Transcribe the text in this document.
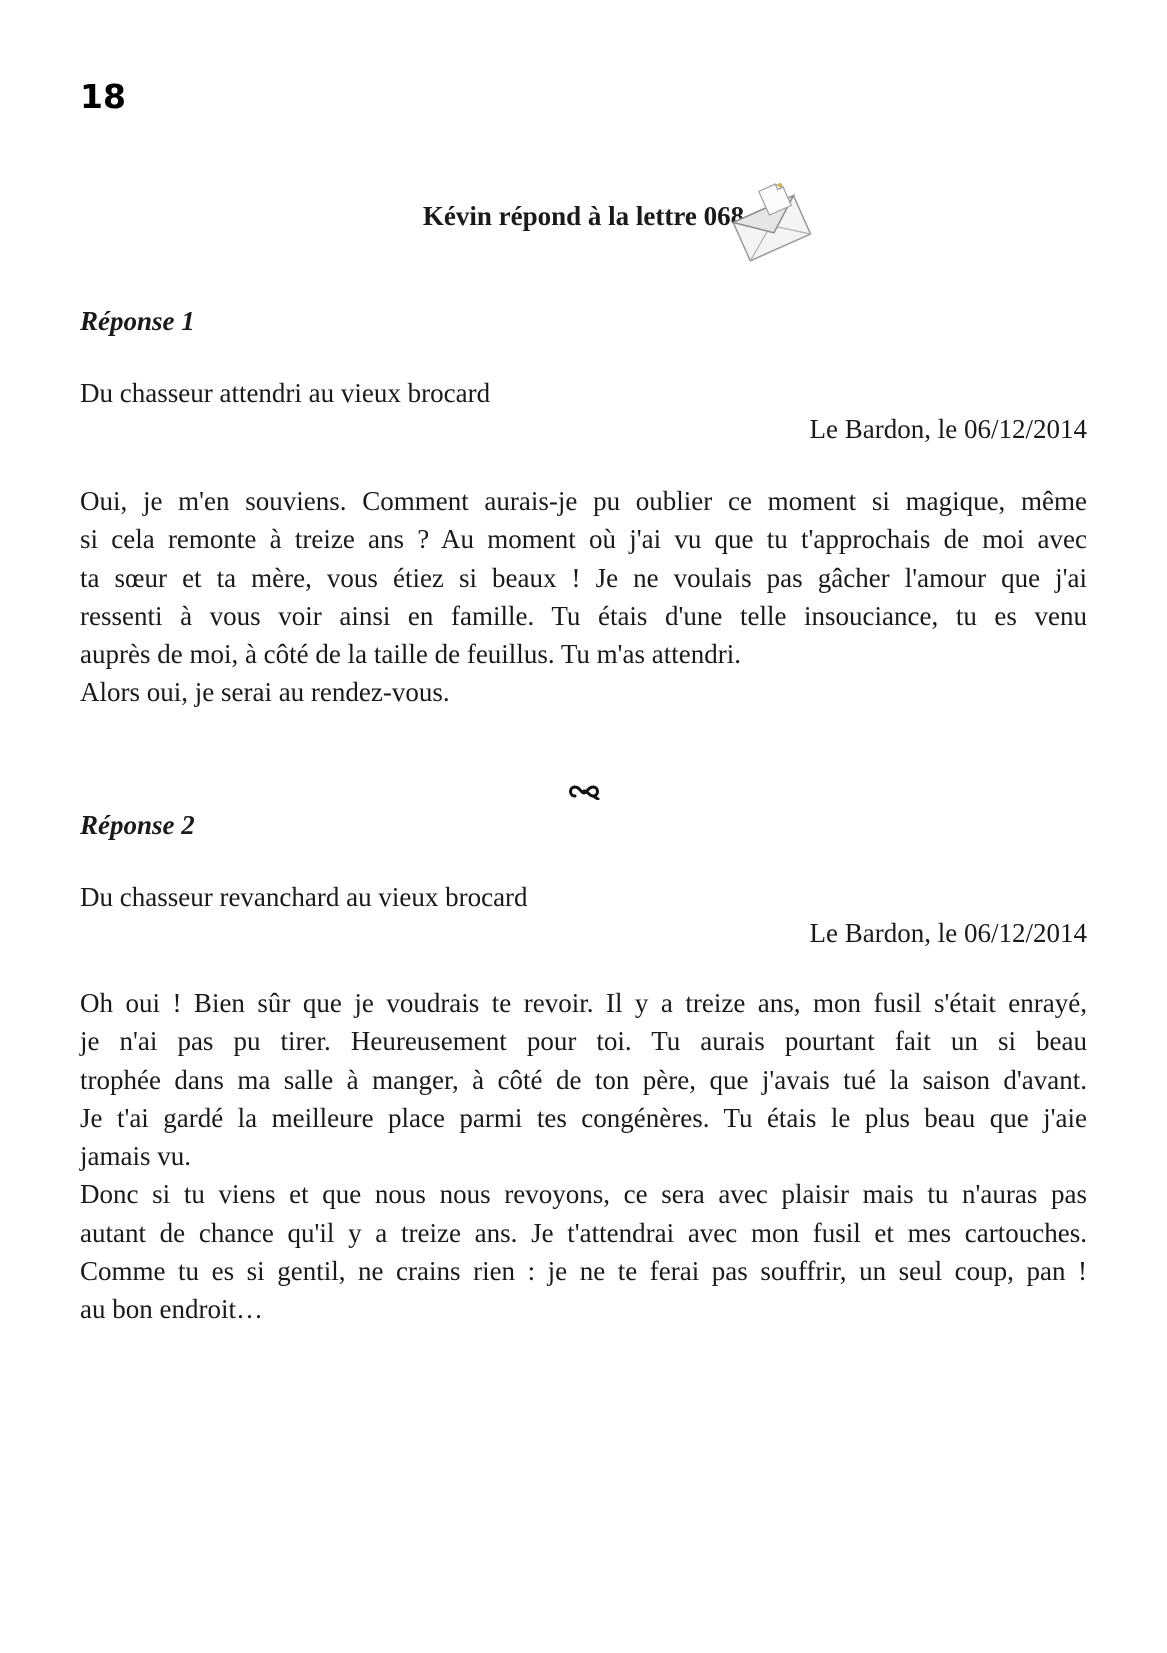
18
Kévin répond à la lettre 068
Réponse 1
Du chasseur attendri au vieux brocard
Le Bardon, le 06/12/2014
Oui, je m'en souviens. Comment aurais-je pu oublier ce moment si magique, même
si cela remonte à treize ans ? Au moment où j'ai vu que tu t'approchais de moi avec
ta sœur et ta mère, vous étiez si beaux ! Je ne voulais pas gâcher l'amour que j'ai
ressenti à vous voir ainsi en famille. Tu étais d'une telle insouciance, tu es venu
auprès de moi, à côté de la taille de feuillus. Tu m'as attendri.
Alors oui, je serai au rendez-vous.
Réponse 2
Du chasseur revanchard au vieux brocard
Le Bardon, le 06/12/2014
Oh oui ! Bien sûr que je voudrais te revoir. Il y a treize ans, mon fusil s'était enrayé,
je n'ai pas pu tirer. Heureusement pour toi. Tu aurais pourtant fait un si beau
trophée dans ma salle à manger, à côté de ton père, que j'avais tué la saison d'avant.
Je t'ai gardé la meilleure place parmi tes congénères. Tu étais le plus beau que j'aie
jamais vu.
Donc si tu viens et que nous nous revoyons, ce sera avec plaisir mais tu n'auras pas
autant de chance qu'il y a treize ans. Je t'attendrai avec mon fusil et mes cartouches.
Comme tu es si gentil, ne crains rien : je ne te ferai pas souffrir, un seul coup, pan !
au bon endroit…
